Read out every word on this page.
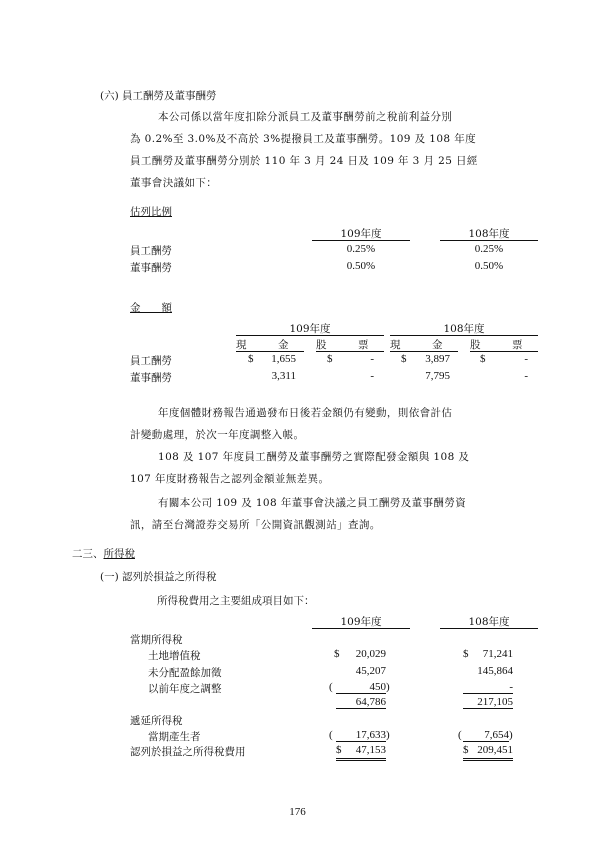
(六) 員工酬勞及董事酬勞
本公司係以當年度扣除分派員工及董事酬勞前之稅前利益分別
為 0.2%至 3.0%及不高於 3%提撥員工及董事酬勞。109 及 108 年度
員工酬勞及董事酬勞分別於 110 年 3 月 24 日及 109 年 3 月 25 日經
董事會決議如下：
估列比例
109年度	108年度
員工酬勞	0.25%	0.25%
董事酬勞	0.50%	0.50%
金　　額
109年度	108年度
現　　　金	股　　　票	現　　　金	股　　　票
員工酬勞	$	1,655	$	- $	3,897	$	-
董事酬勞	3,311	-	7,795	-
年度個體財務報告通過發布日後若金額仍有變動，則依會計估
計變動處理，於次一年度調整入帳。
108 及 107 年度員工酬勞及董事酬勞之實際配發金額與 108 及
107 年度財務報告之認列金額並無差異。
有關本公司 109 及 108 年董事會決議之員工酬勞及董事酬勞資
訊，請至台灣證券交易所「公開資訊觀測站」查詢。
二三、所得稅
(一) 認列於損益之所得稅
所得稅費用之主要組成項目如下：
109年度	108年度
當期所得稅
土地增值稅	$	20,029	$	71,241
未分配盈餘加徵	45,207	145,864
以前年度之調整	(	450 )	-
64,786	217,105
遞延所得稅
當期產生者	(	17,633 )	(	7,654 )
認列於損益之所得稅費用	$ 47,153	$ 209,451
176
